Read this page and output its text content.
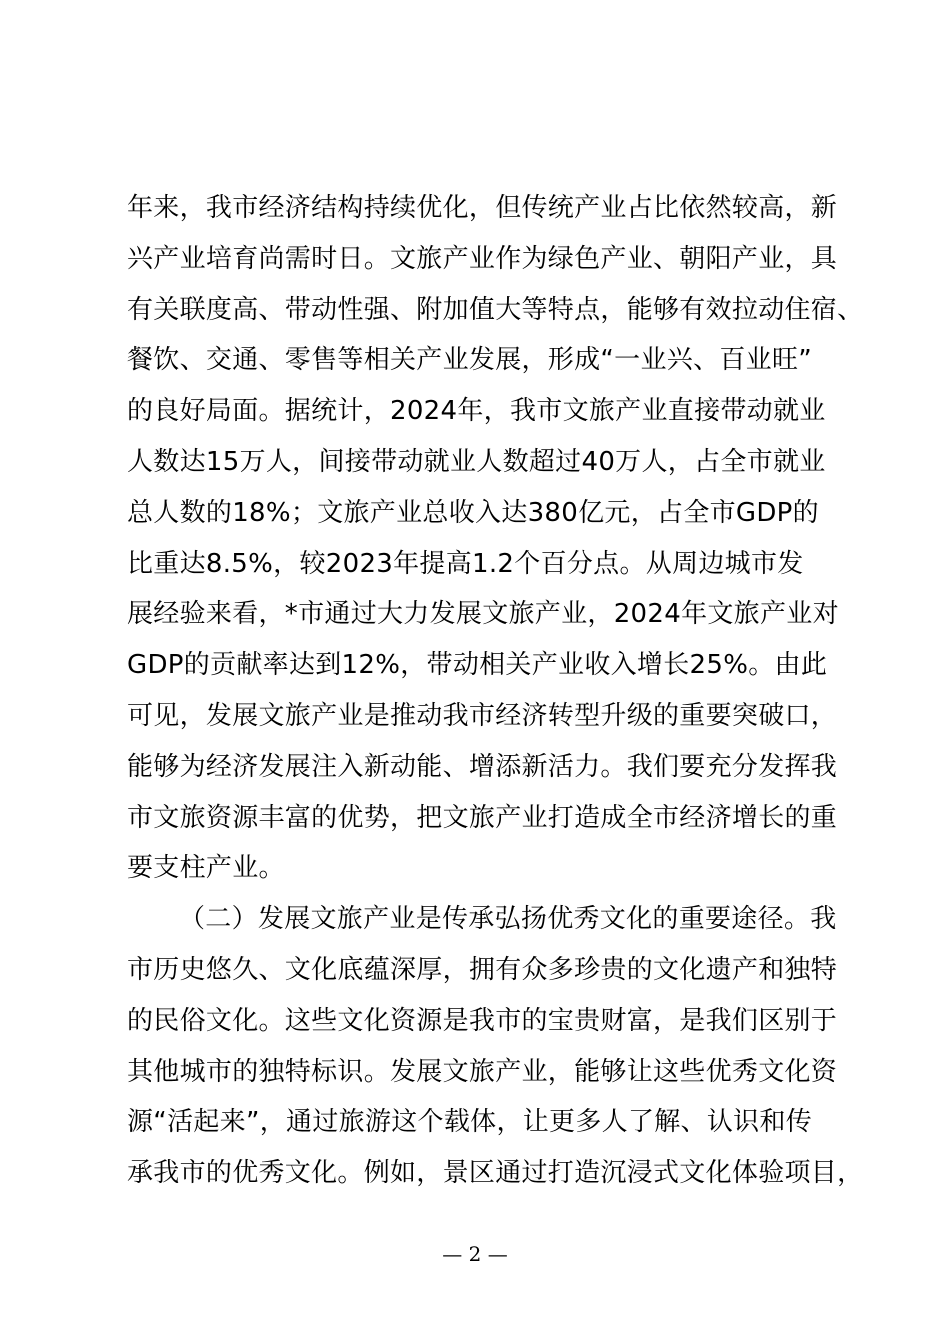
年来，我市经济结构持续优化，但传统产业占比依然较高，新
兴产业培育尚需时日。文旅产业作为绿色产业、朝阳产业，具
有关联度高、带动性强、附加值大等特点，能够有效拉动住宿、
餐饮、交通、零售等相关产业发展，形成“一业兴、百业旺”
的良好局面。据统计，2024年，我市文旅产业直接带动就业
人数达15万人，间接带动就业人数超过40万人，占全市就业
总人数的18%；文旅产业总收入达380亿元，占全市GDP的
比重达8.5%，较2023年提高1.2个百分点。从周边城市发
展经验来看，*市通过大力发展文旅产业，2024年文旅产业对
GDP的贡献率达到12%，带动相关产业收入增长25%。由此
可见，发展文旅产业是推动我市经济转型升级的重要突破口，
能够为经济发展注入新动能、增添新活力。我们要充分发挥我
市文旅资源丰富的优势，把文旅产业打造成全市经济增长的重
要支柱产业。
（二）发展文旅产业是传承弘扬优秀文化的重要途径。我
市历史悠久、文化底蕴深厚，拥有众多珍贵的文化遗产和独特
的民俗文化。这些文化资源是我市的宝贵财富，是我们区别于
其他城市的独特标识。发展文旅产业，能够让这些优秀文化资
源“活起来”，通过旅游这个载体，让更多人了解、认识和传
承我市的优秀文化。例如，景区通过打造沉浸式文化体验项目，
— 2 —
